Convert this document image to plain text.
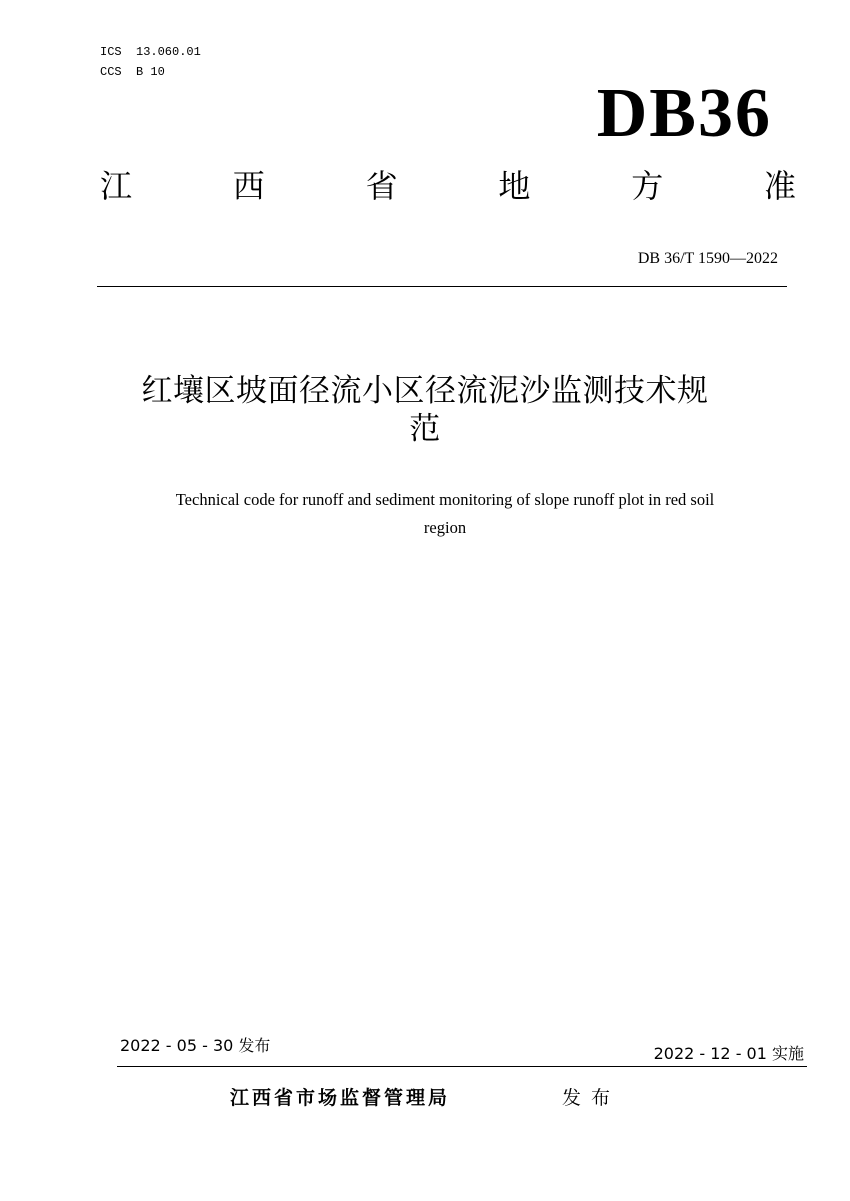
ICS  13.060.01
CCS  B 10
DB36
江	西	省	地	方	准
DB 36/T 1590—2022
红壤区坡面径流小区径流泥沙监测技术规
范
Technical code for runoff and sediment monitoring of slope runoff plot in red soil
region
2022 - 05 - 30 发布	2022 - 12 - 01 实施
江西省市场监督管理局	发布
